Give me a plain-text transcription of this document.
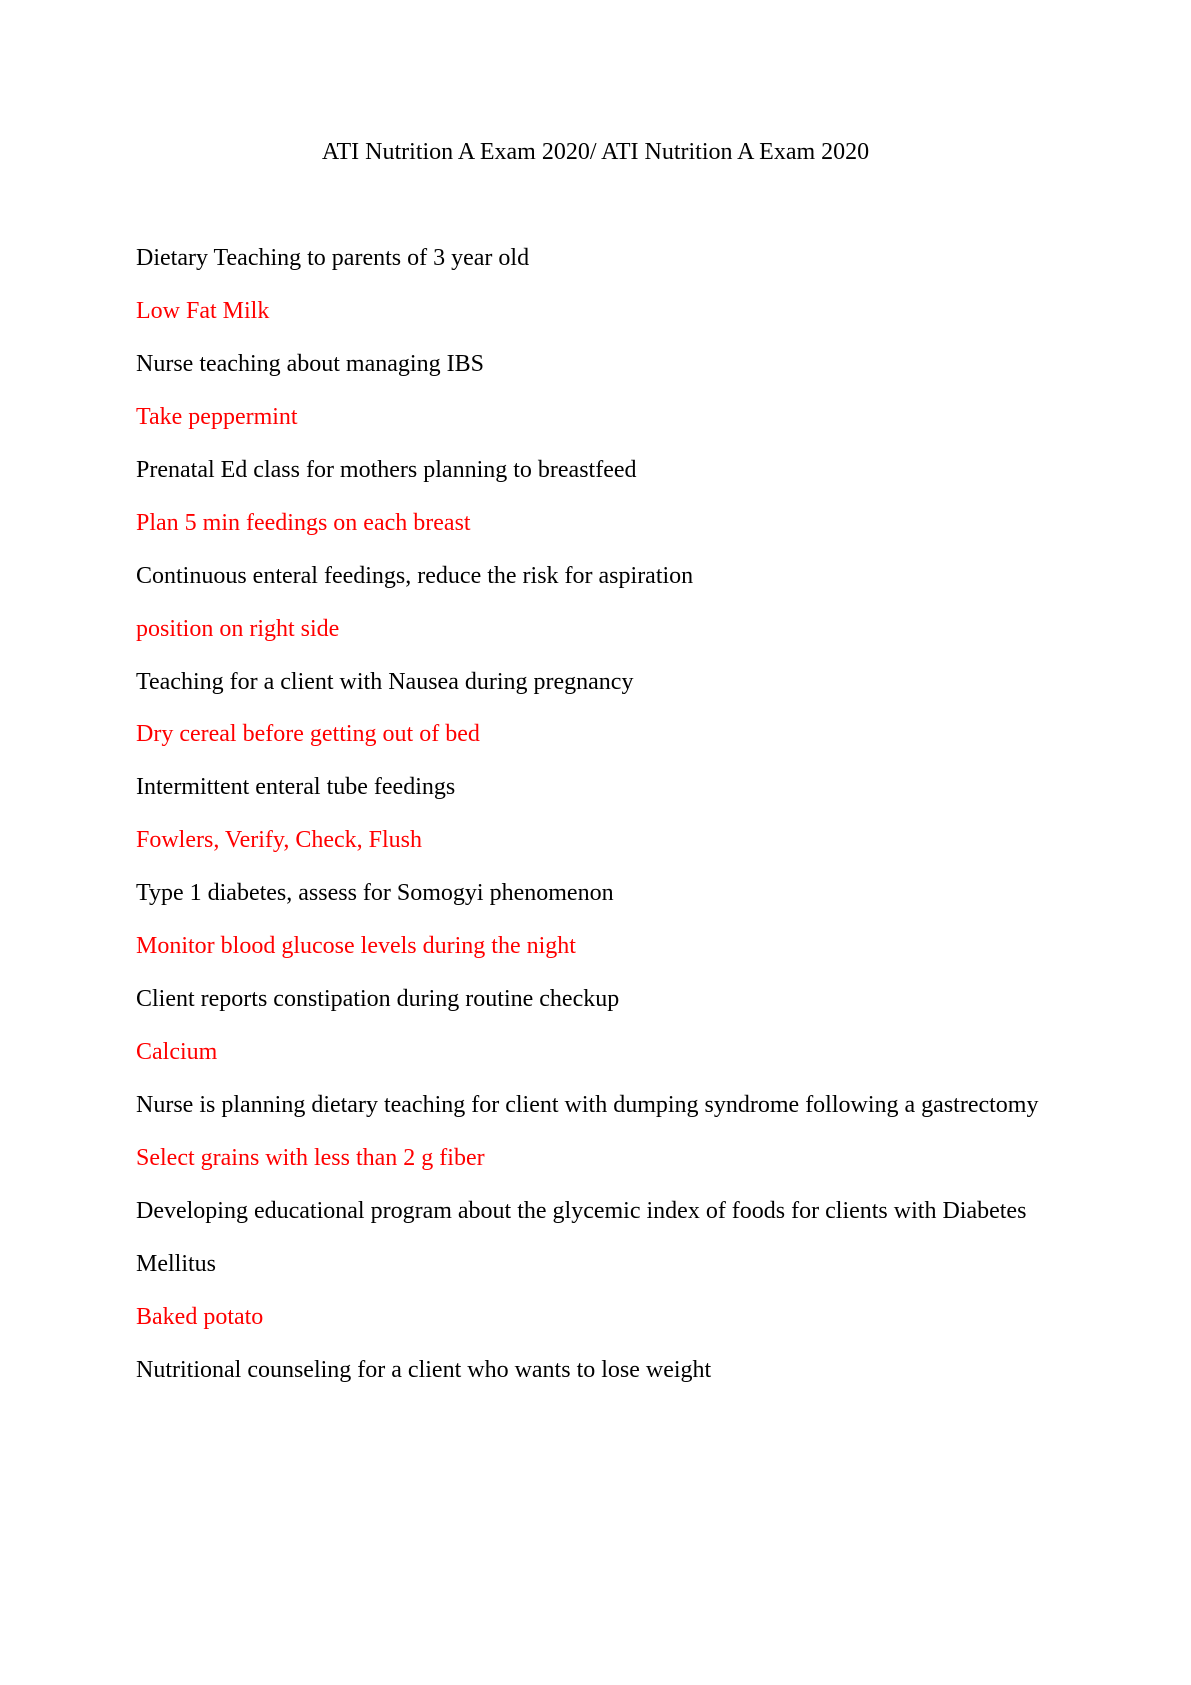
ATI Nutrition A Exam 2020/ ATI Nutrition A Exam 2020
Dietary Teaching to parents of 3 year old
Low Fat Milk
Nurse teaching about managing IBS
Take peppermint
Prenatal Ed class for mothers planning to breastfeed
Plan 5 min feedings on each breast
Continuous enteral feedings, reduce the risk for aspiration
position on right side
Teaching for a client with Nausea during pregnancy
Dry cereal before getting out of bed
Intermittent enteral tube feedings
Fowlers, Verify, Check, Flush
Type 1 diabetes, assess for Somogyi phenomenon
Monitor blood glucose levels during the night
Client reports constipation during routine checkup
Calcium
Nurse is planning dietary teaching for client with dumping syndrome following a gastrectomy
Select grains with less than 2 g fiber
Developing educational program about the glycemic index of foods for clients with Diabetes
Mellitus
Baked potato
Nutritional counseling for a client who wants to lose weight
